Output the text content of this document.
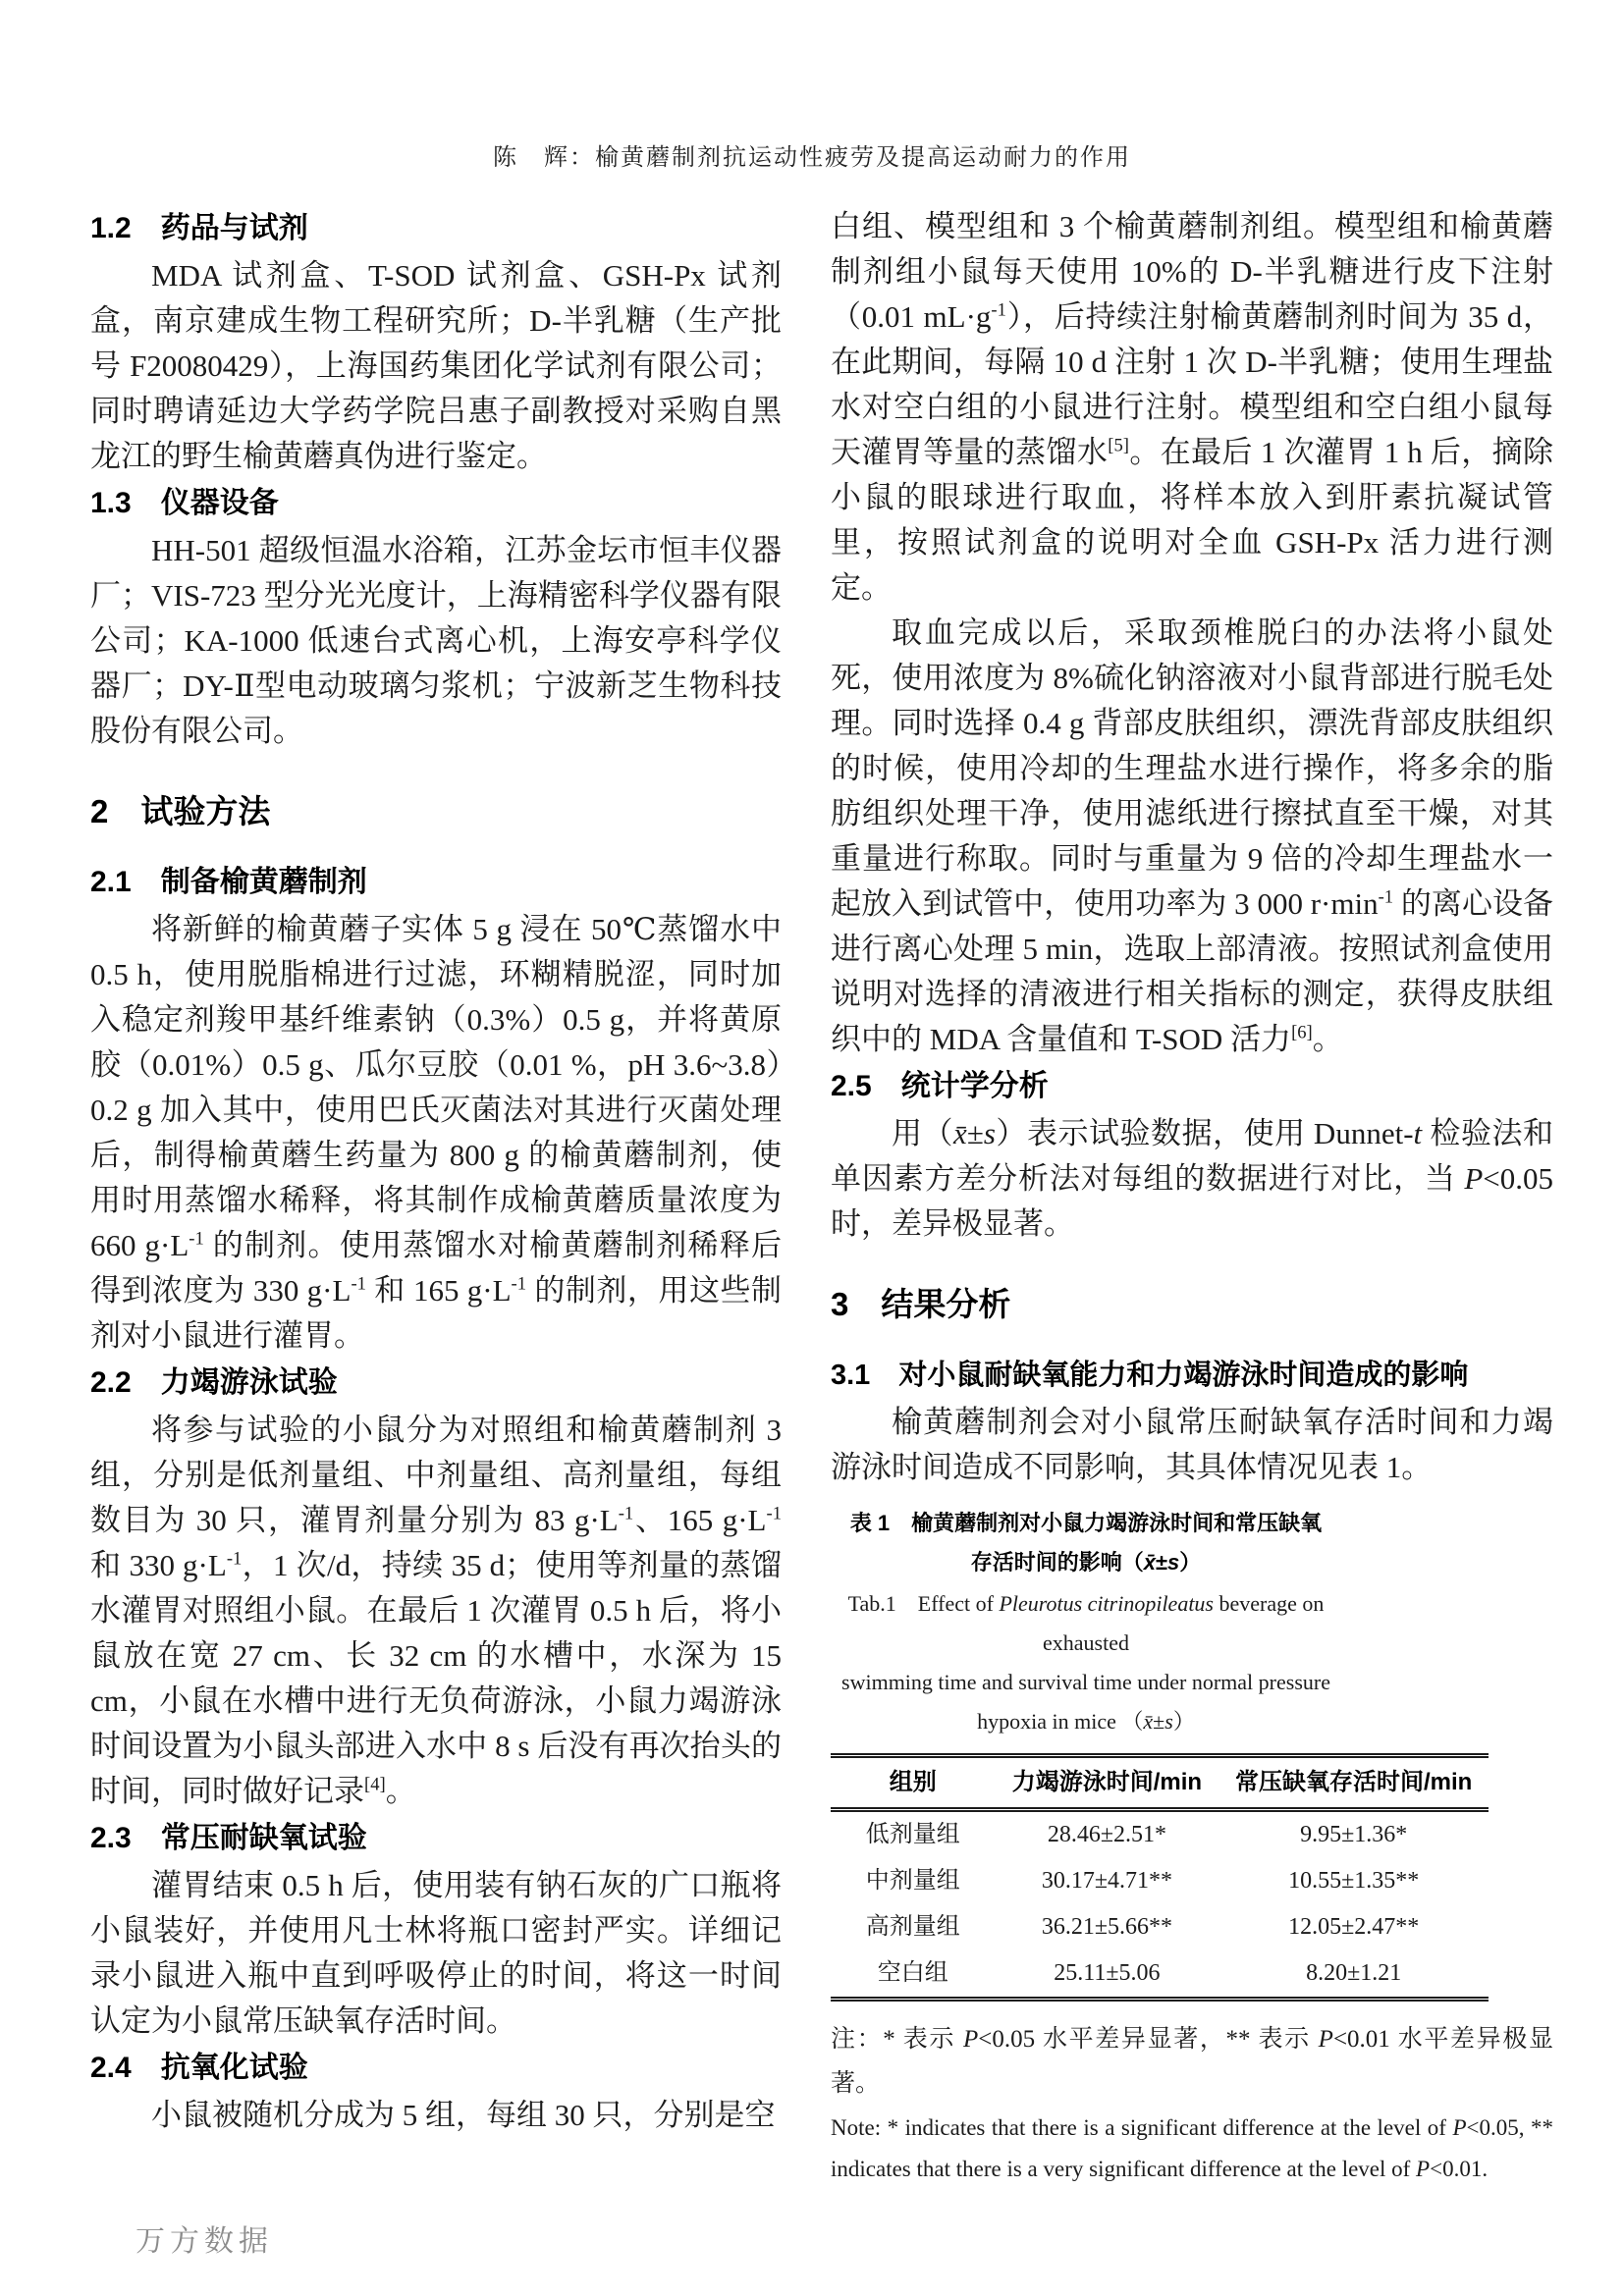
陈　辉：榆黄蘑制剂抗运动性疲劳及提高运动耐力的作用
1.2　药品与试剂

MDA 试剂盒、T-SOD 试剂盒、GSH-Px 试剂盒，南京建成生物工程研究所；D-半乳糖（生产批号 F20080429），上海国药集团化学试剂有限公司；同时聘请延边大学药学院吕惠子副教授对采购自黑龙江的野生榆黄蘑真伪进行鉴定。

1.3　仪器设备

HH-501 超级恒温水浴箱，江苏金坛市恒丰仪器厂；VIS-723 型分光光度计，上海精密科学仪器有限公司；KA-1000 低速台式离心机，上海安亭科学仪器厂；DY-Ⅱ型电动玻璃匀浆机；宁波新芝生物科技股份有限公司。

2　试验方法
2.1　制备榆黄蘑制剂

将新鲜的榆黄蘑子实体 5 g 浸在 50℃蒸馏水中 0.5 h，使用脱脂棉进行过滤，环糊精脱涩，同时加入稳定剂羧甲基纤维素钠（0.3%）0.5 g，并将黄原胶（0.01%）0.5 g、瓜尔豆胶（0.01 %，pH 3.6~3.8）0.2 g 加入其中，使用巴氏灭菌法对其进行灭菌处理后，制得榆黄蘑生药量为 800 g 的榆黄蘑制剂，使用时用蒸馏水稀释，将其制作成榆黄蘑质量浓度为 660 $g\cdot L^{-1}$ 的制剂。使用蒸馏水对榆黄蘑制剂稀释后得到浓度为 330 $g\cdot L^{-1}$ 和 165 $g\cdot L^{-1}$ 的制剂，用这些制剂对小鼠进行灌胃。

2.2　力竭游泳试验

将参与试验的小鼠分为对照组和榆黄蘑制剂 3 组，分别是低剂量组、中剂量组、高剂量组，每组数目为 30 只，灌胃剂量分别为 83 $g\cdot L^{-1}$、165 $g\cdot L^{-1}$ 和 330 $g\cdot L^{-1}$，1 次/d，持续 35 d；使用等剂量的蒸馏水灌胃对照组小鼠。在最后 1 次灌胃 0.5 h 后，将小鼠放在宽 27 cm、长 32 cm 的水槽中，水深为 15 cm，小鼠在水槽中进行无负荷游泳，小鼠力竭游泳时间设置为小鼠头部进入水中 8 s 后没有再次抬头的时间，同时做好记录[4]。

2.3　常压耐缺氧试验

灌胃结束 0.5 h 后，使用装有钠石灰的广口瓶将小鼠装好，并使用凡士林将瓶口密封严实。详细记录小鼠进入瓶中直到呼吸停止的时间，将这一时间认定为小鼠常压缺氧存活时间。

2.4　抗氧化试验

小鼠被随机分成为 5 组，每组 30 只，分别是空

白组、模型组和 3 个榆黄蘑制剂组。模型组和榆黄蘑制剂组小鼠每天使用 10%的 D-半乳糖进行皮下注射（0.01 $mL\cdot g^{-1}$），后持续注射榆黄蘑制剂时间为 35 d，在此期间，每隔 10 d 注射 1 次 D-半乳糖；使用生理盐水对空白组的小鼠进行注射。模型组和空白组小鼠每天灌胃等量的蒸馏水[5]。在最后 1 次灌胃 1 h 后，摘除小鼠的眼球进行取血，将样本放入到肝素抗凝试管里，按照试剂盒的说明对全血 GSH-Px 活力进行测定。

取血完成以后，采取颈椎脱臼的办法将小鼠处死，使用浓度为 8%硫化钠溶液对小鼠背部进行脱毛处理。同时选择 0.4 g 背部皮肤组织，漂洗背部皮肤组织的时候，使用冷却的生理盐水进行操作，将多余的脂肪组织处理干净，使用滤纸进行擦拭直至干燥，对其重量进行称取。同时与重量为 9 倍的冷却生理盐水一起放入到试管中，使用功率为 3 000 $r\cdot\min^{-1}$ 的离心设备进行离心处理 5 min，选取上部清液。按照试剂盒使用说明对选择的清液进行相关指标的测定，获得皮肤组织中的 MDA 含量值和 T-SOD 活力[6]。

2.5　统计学分析

用（x̄±s）表示试验数据，使用 Dunnet-t 检验法和单因素方差分析法对每组的数据进行对比，当 P<0.05 时，差异极显著。

3　结果分析
3.1　对小鼠耐缺氧能力和力竭游泳时间造成的影响

榆黄蘑制剂会对小鼠常压耐缺氧存活时间和力竭游泳时间造成不同影响，其具体情况见表 1。

表 1　榆黄蘑制剂对小鼠力竭游泳时间和常压缺氧
存活时间的影响（x̄±s）
Tab.1　Effect of Pleurotus citrinopileatus beverage on exhausted
swimming time and survival time under normal pressure
hypoxia in mice （x̄±s）
组别	力竭游泳时间/min	常压缺氧存活时间/min
低剂量组	28.46±2.51*	9.95±1.36*
中剂量组	30.17±4.71**	10.55±1.35**
高剂量组	36.21±5.66**	12.05±2.47**
空白组	25.11±5.06	8.20±1.21

注：* 表示 P<0.05 水平差异显著，** 表示 P<0.01 水平差异极显著。

Note: * indicates that there is a significant difference at the level of P<0.05, ** indicates that there is a very significant difference at the level of P<0.01.

万方数据
